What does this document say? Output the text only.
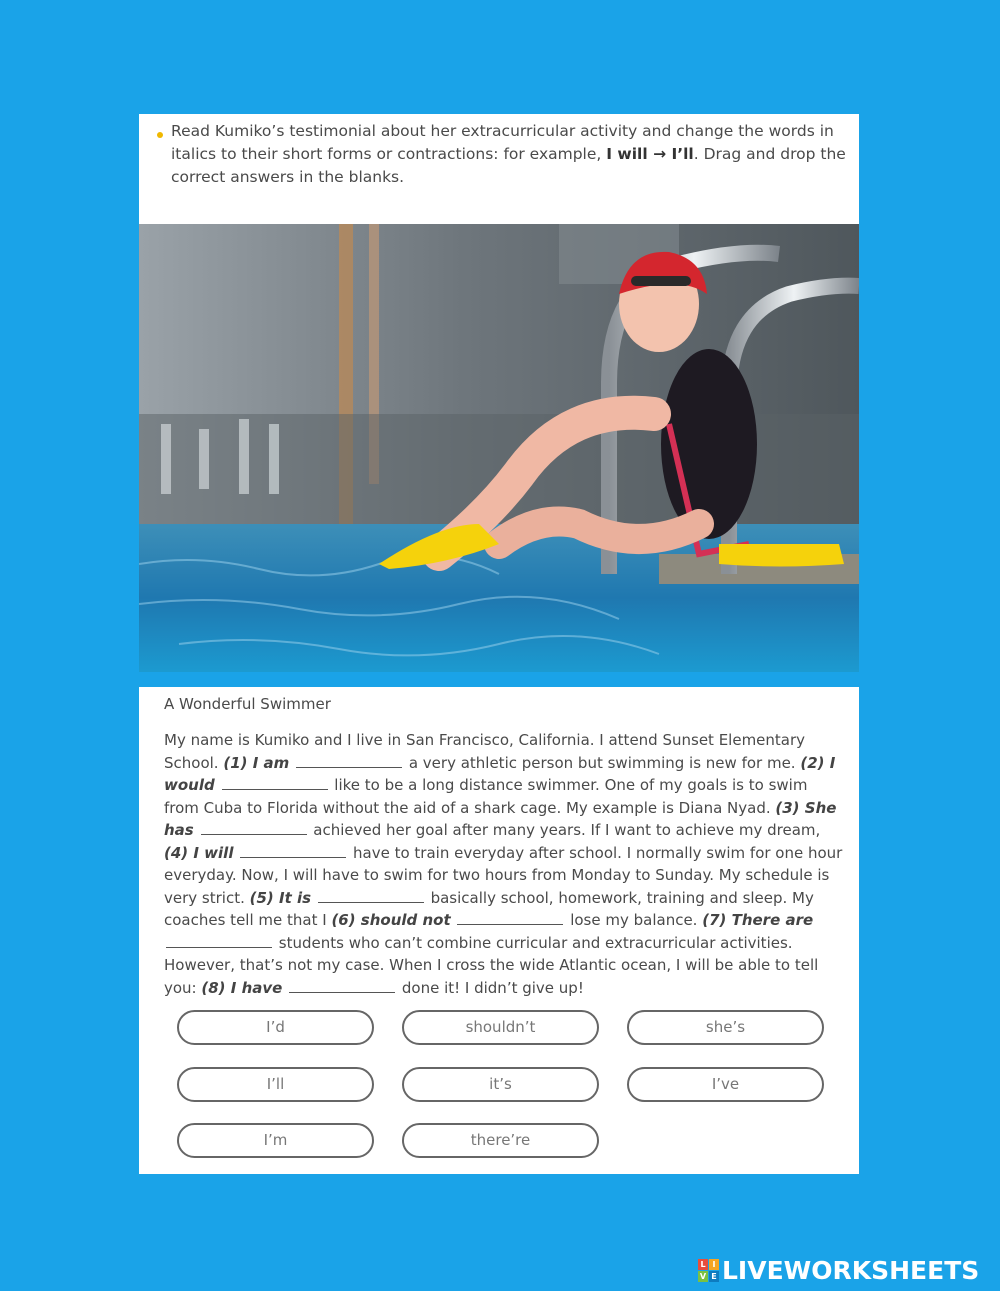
Read Kumiko’s testimonial about her extracurricular activity and change the words in italics to their short forms or contractions: for example, I will → I’ll. Drag and drop the correct answers in the blanks.
A Wonderful Swimmer
My name is Kumiko and I live in San Francisco, California. I attend Sunset Elementary School. (1) I am	a very athletic person but swimming is new for me. (2) I would	like to be a long distance swimmer. One of my goals is to swim from Cuba to Florida without the aid of a shark cage. My example is Diana Nyad. (3) She has	achieved her goal after many years. If I want to achieve my dream, (4) I will	have to train everyday after school. I normally swim for one hour everyday. Now, I will have to swim for two hours from Monday to Sunday. My schedule is very strict. (5) It is	basically school, homework, training and sleep. My coaches tell me that I (6) should not	lose my balance. (7) There are  students who can’t combine curricular and extracurricular activities. However, that’s not my case. When I cross the wide Atlantic ocean, I will be able to tell you: (8) I have	done it! I didn’t give up!
I’d	shouldn’t	she’s
I’ll	it’s	I’ve
I’m	there’re
L I
V E LIVEWORKSHEETS
